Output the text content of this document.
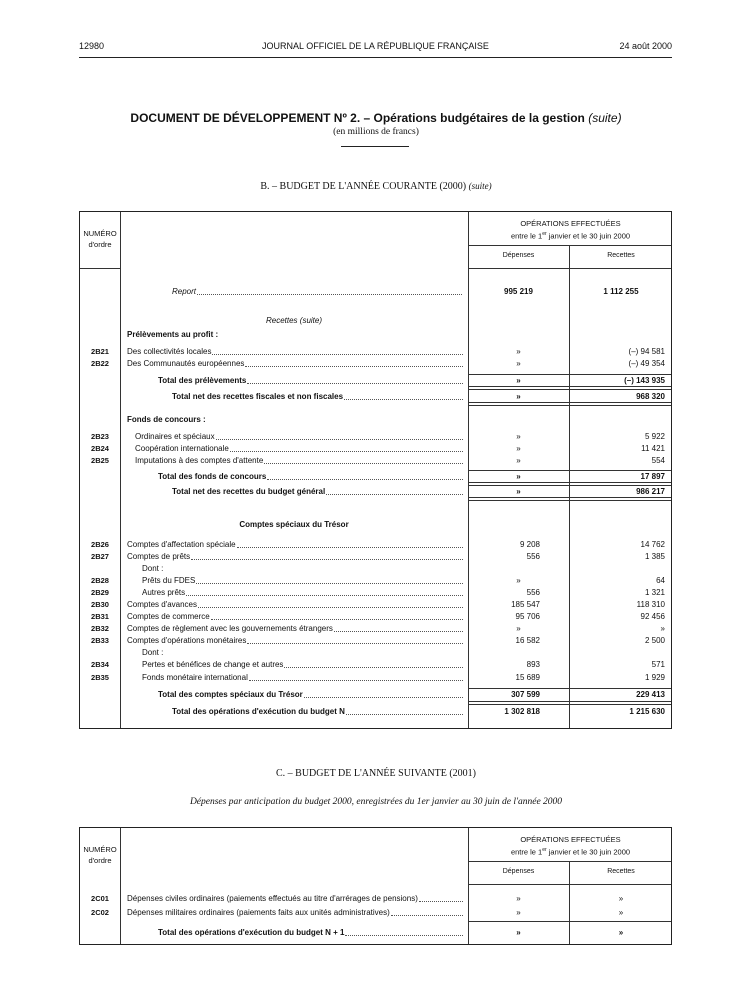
12980	JOURNAL OFFICIEL DE LA RÉPUBLIQUE FRANÇAISE	24 août 2000
DOCUMENT DE DÉVELOPPEMENT Nº 2. – Opérations budgétaires de la gestion (suite)
(en millions de francs)
B. – BUDGET DE L'ANNÉE COURANTE (2000) (suite)
NUMÉRO
d'ordre
OPÉRATIONS EFFECTUÉES
entre le 1er janvier et le 30 juin 2000
Dépenses	Recettes
Report	995 219	1 112 255
Recettes (suite)
Prélèvements au profit :
2B21	Des collectivités locales	»	(–) 94 581
2B22	Des Communautés européennes	»	(–) 49 354
Total des prélèvements	»	(–) 143 935
Total net des recettes fiscales et non fiscales	»	968 320
Fonds de concours :
2B23	Ordinaires et spéciaux	»	5 922
2B24	Coopération internationale	»	11 421
2B25	Imputations à des comptes d'attente	»	554
Total des fonds de concours	»	17 897
Total net des recettes du budget général	»	986 217
Comptes spéciaux du Trésor
2B26	Comptes d'affectation spéciale	9 208	14 762
2B27	Comptes de prêts	556	1 385
Dont :
2B28	Prêts du FDES	»	64
2B29	Autres prêts	556	1 321
2B30	Comptes d'avances	185 547	118 310
2B31	Comptes de commerce	95 706	92 456
2B32	Comptes de règlement avec les gouvernements étrangers	»	»
2B33	Comptes d'opérations monétaires	16 582	2 500
Dont :
2B34	Pertes et bénéfices de change et autres	893	571
2B35	Fonds monétaire international	15 689	1 929
Total des comptes spéciaux du Trésor	307 599	229 413
Total des opérations d'exécution du budget N	1 302 818	1 215 630
C. – BUDGET DE L'ANNÉE SUIVANTE (2001)
Dépenses par anticipation du budget 2000, enregistrées du 1er janvier au 30 juin de l'année 2000
NUMÉRO
d'ordre
OPÉRATIONS EFFECTUÉES
entre le 1er janvier et le 30 juin 2000
Dépenses	Recettes
2C01	Dépenses civiles ordinaires (paiements effectués au titre d'arrérages de pensions)	»	»
2C02	Dépenses militaires ordinaires (paiements faits aux unités administratives)	»	»
Total des opérations d'exécution du budget N + 1	»	»
